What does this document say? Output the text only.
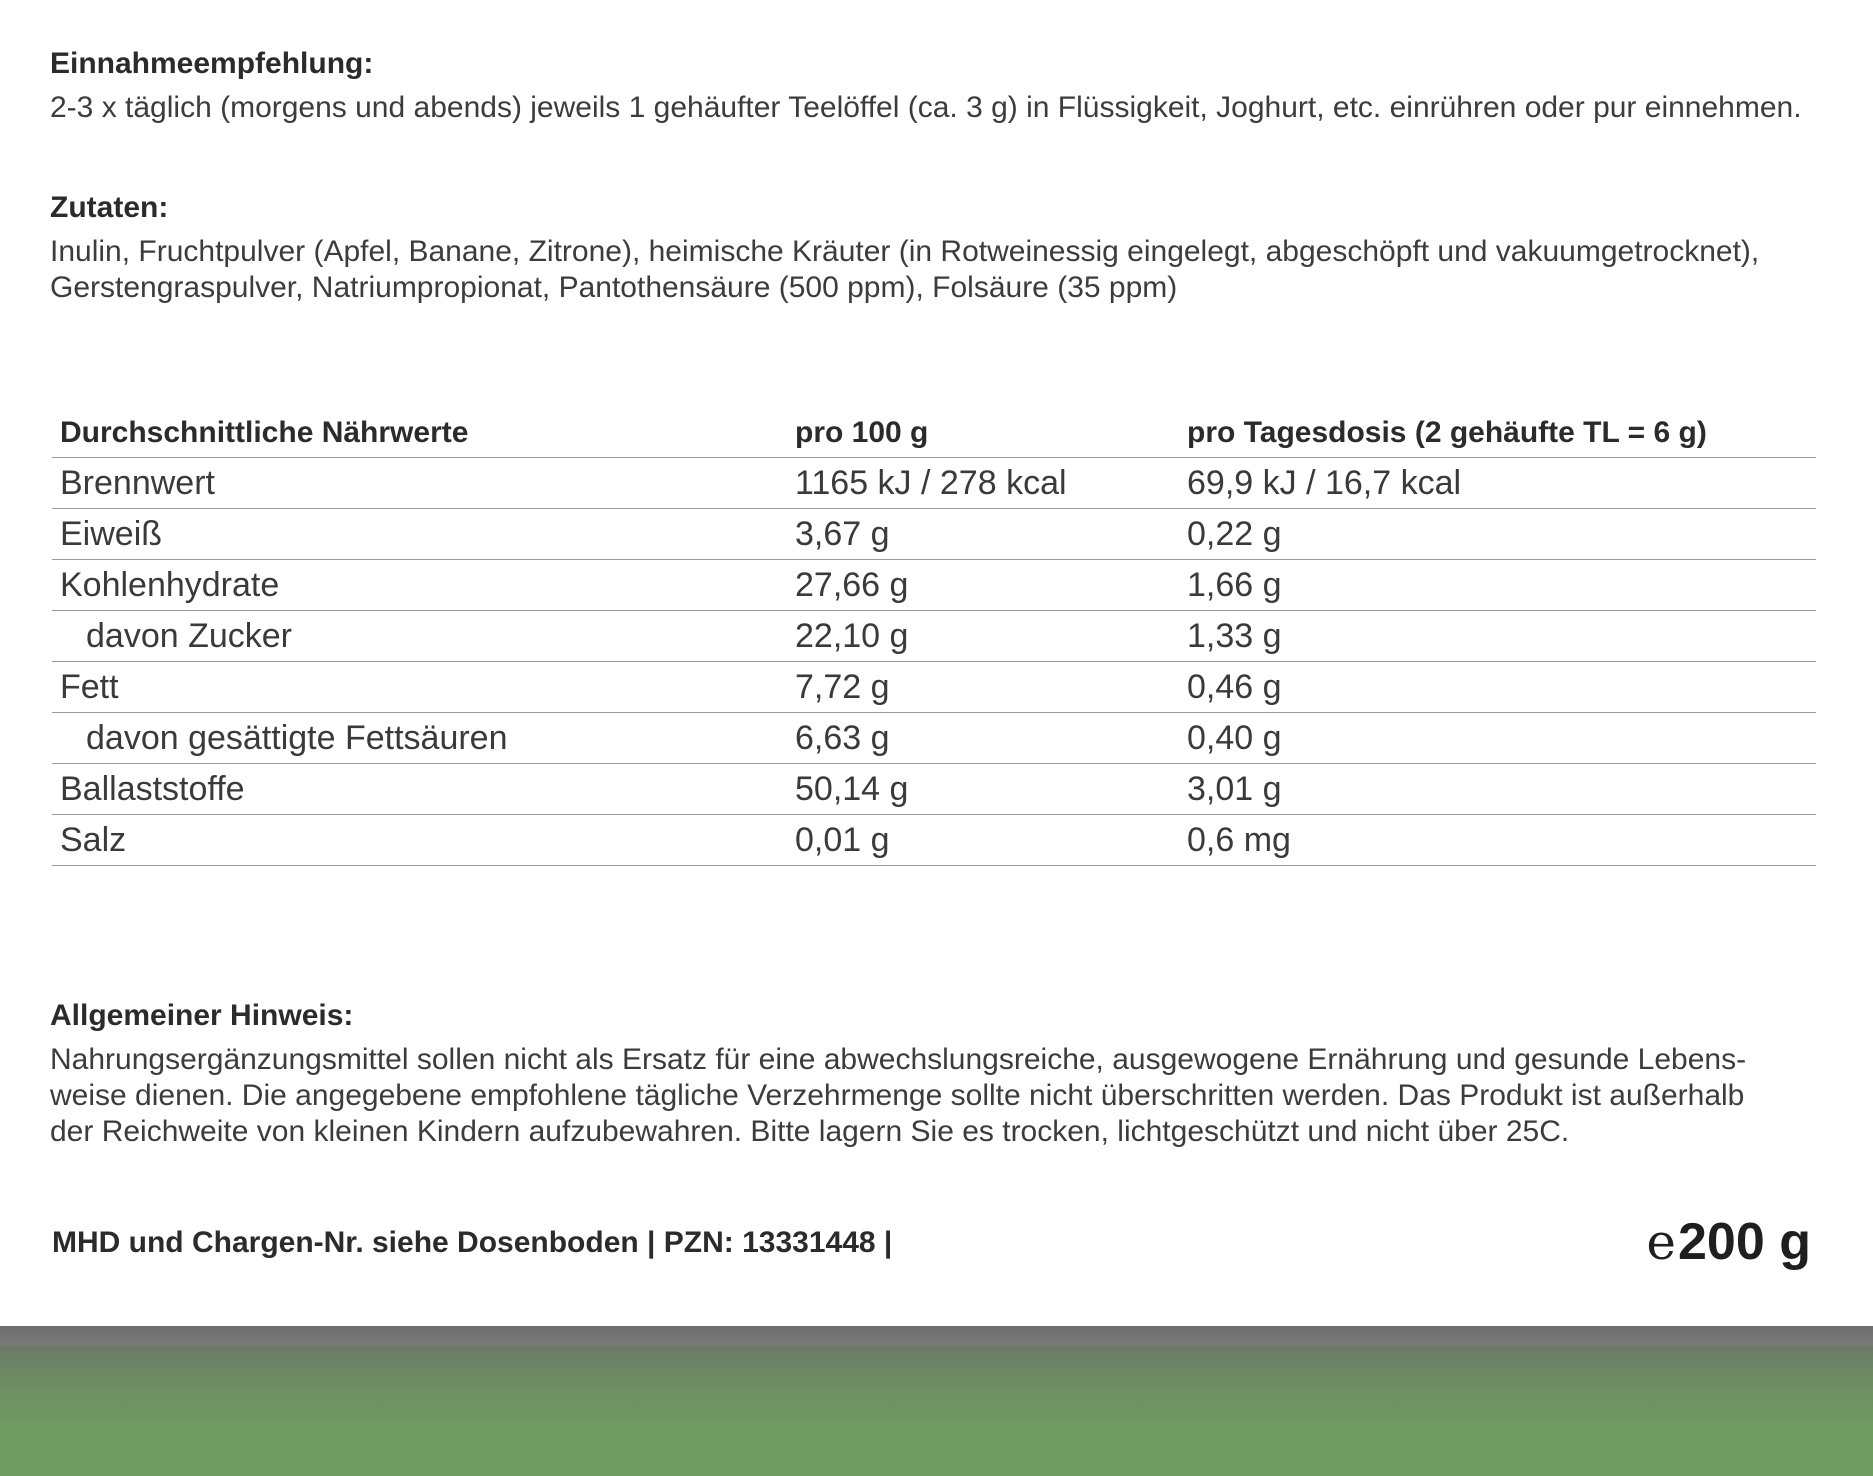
Einnahmeempfehlung:

2-3 x täglich (morgens und abends) jeweils 1 gehäufter Teelöffel (ca. 3 g) in Flüssigkeit, Joghurt, etc. einrühren oder pur einnehmen.

Zutaten:

Inulin, Fruchtpulver (Apfel, Banane, Zitrone), heimische Kräuter (in Rotweinessig eingelegt, abgeschöpft und vakuumgetrocknet),
Gerstengraspulver, Natriumpropionat, Pantothensäure (500 ppm), Folsäure (35 ppm)

Durchschnittliche Nährwerte	pro 100 g	pro Tagesdosis (2 gehäufte TL = 6 g)
Brennwert	1165 kJ / 278 kcal	69,9 kJ / 16,7 kcal
Eiweiß	3,67 g	0,22 g
Kohlenhydrate	27,66 g	1,66 g
davon Zucker	22,10 g	1,33 g
Fett	7,72 g	0,46 g
davon gesättigte Fettsäuren	6,63 g	0,40 g
Ballaststoffe	50,14 g	3,01 g
Salz	0,01 g	0,6 mg

Allgemeiner Hinweis:

Nahrungsergänzungsmittel sollen nicht als Ersatz für eine abwechslungsreiche, ausgewogene Ernährung und gesunde Lebens-
weise dienen. Die angegebene empfohlene tägliche Verzehrmenge sollte nicht überschritten werden. Das Produkt ist außerhalb
der Reichweite von kleinen Kindern aufzubewahren. Bitte lagern Sie es trocken, lichtgeschützt und nicht über 25C.

MHD und Chargen-Nr. siehe Dosenboden | PZN: 13331448 |	e 200 g
